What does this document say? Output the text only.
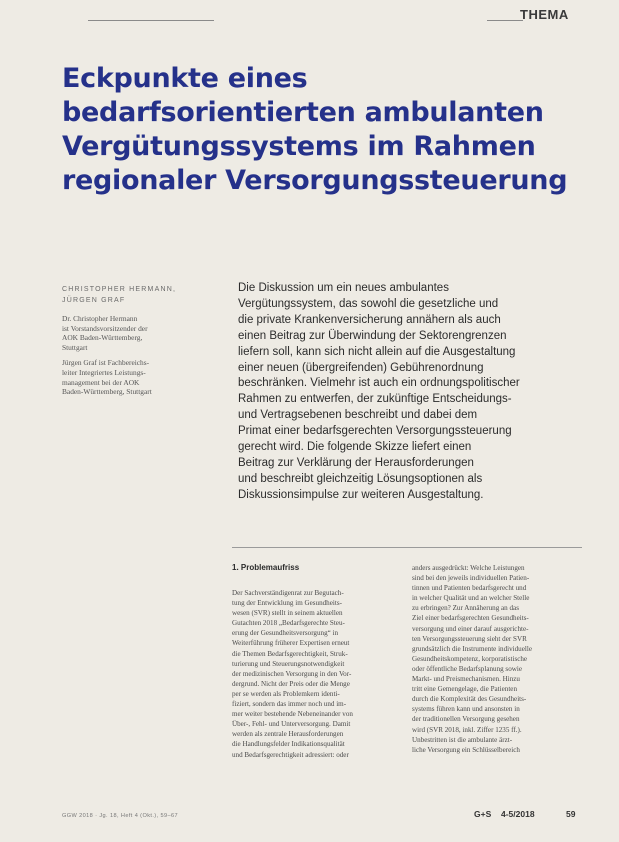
THEMA
Eckpunkte eines
bedarfsorientierten ambulanten
Vergütungssystems im Rahmen
regionaler Versorgungssteuerung
CHRISTOPHER HERMANN,
JÜRGEN GRAF
Dr. Christopher Hermann
ist Vorstandsvorsitzender der
AOK Baden-Württemberg,
Stuttgart
Jürgen Graf ist Fachbereichs-
leiter Integriertes Leistungs-
management bei der AOK
Baden-Württemberg, Stuttgart
Die Diskussion um ein neues ambulantes
Vergütungssystem, das sowohl die gesetzliche und
die private Krankenversicherung annähern als auch
einen Beitrag zur Überwindung der Sektorengrenzen
liefern soll, kann sich nicht allein auf die Ausgestaltung
einer neuen (übergreifenden) Gebührenordnung
beschränken. Vielmehr ist auch ein ordnungspolitischer
Rahmen zu entwerfen, der zukünftige Entscheidungs-
und Vertragsebenen beschreibt und dabei dem
Primat einer bedarfsgerechten Versorgungssteuerung
gerecht wird. Die folgende Skizze liefert einen
Beitrag zur Verklärung der Herausforderungen
und beschreibt gleichzeitig Lösungsoptionen als
Diskussionsimpulse zur weiteren Ausgestaltung.
1. Problemaufriss
Der Sachverständigenrat zur Begutach-
tung der Entwicklung im Gesundheits-
wesen (SVR) stellt in seinem aktuellen
Gutachten 2018 „Bedarfsgerechte Steu-
erung der Gesundheitsversorgung“ in
Weiterführung früherer Expertisen erneut
die Themen Bedarfsgerechtigkeit, Struk-
turierung und Steuerungsnotwendigkeit
der medizinischen Versorgung in den Vor-
dergrund. Nicht der Preis oder die Menge
per se werden als Problemkern identi-
fiziert, sondern das immer noch und im-
mer weiter bestehende Nebeneinander von
Über-, Fehl- und Unterversorgung. Damit
werden als zentrale Herausforderungen
die Handlungsfelder Indikationsqualität
und Bedarfsgerechtigkeit adressiert: oder
anders ausgedrückt: Welche Leistungen
sind bei den jeweils individuellen Patien-
tinnen und Patienten bedarfsgerecht und
in welcher Qualität und an welcher Stelle
zu erbringen? Zur Annäherung an das
Ziel einer bedarfsgerechten Gesundheits-
versorgung und einer darauf ausgerichte-
ten Versorgungssteuerung sieht der SVR
grundsätzlich die Instrumente individuelle
Gesundheitskompetenz, korporatistische
oder öffentliche Bedarfsplanung sowie
Markt- und Preismechanismen. Hinzu
tritt eine Gemengelage, die Patienten
durch die Komplexität des Gesundheits-
systems führen kann und ansonsten in
der traditionellen Versorgung gesehen
wird (SVR 2018, inkl. Ziffer 1235 ff.).
Unbestritten ist die ambulante ärzt-
liche Versorgung ein Schlüsselbereich
GGW 2018 · Jg. 18, Heft 4 (Okt.), 59–67	G+S 4-5/2018	59
